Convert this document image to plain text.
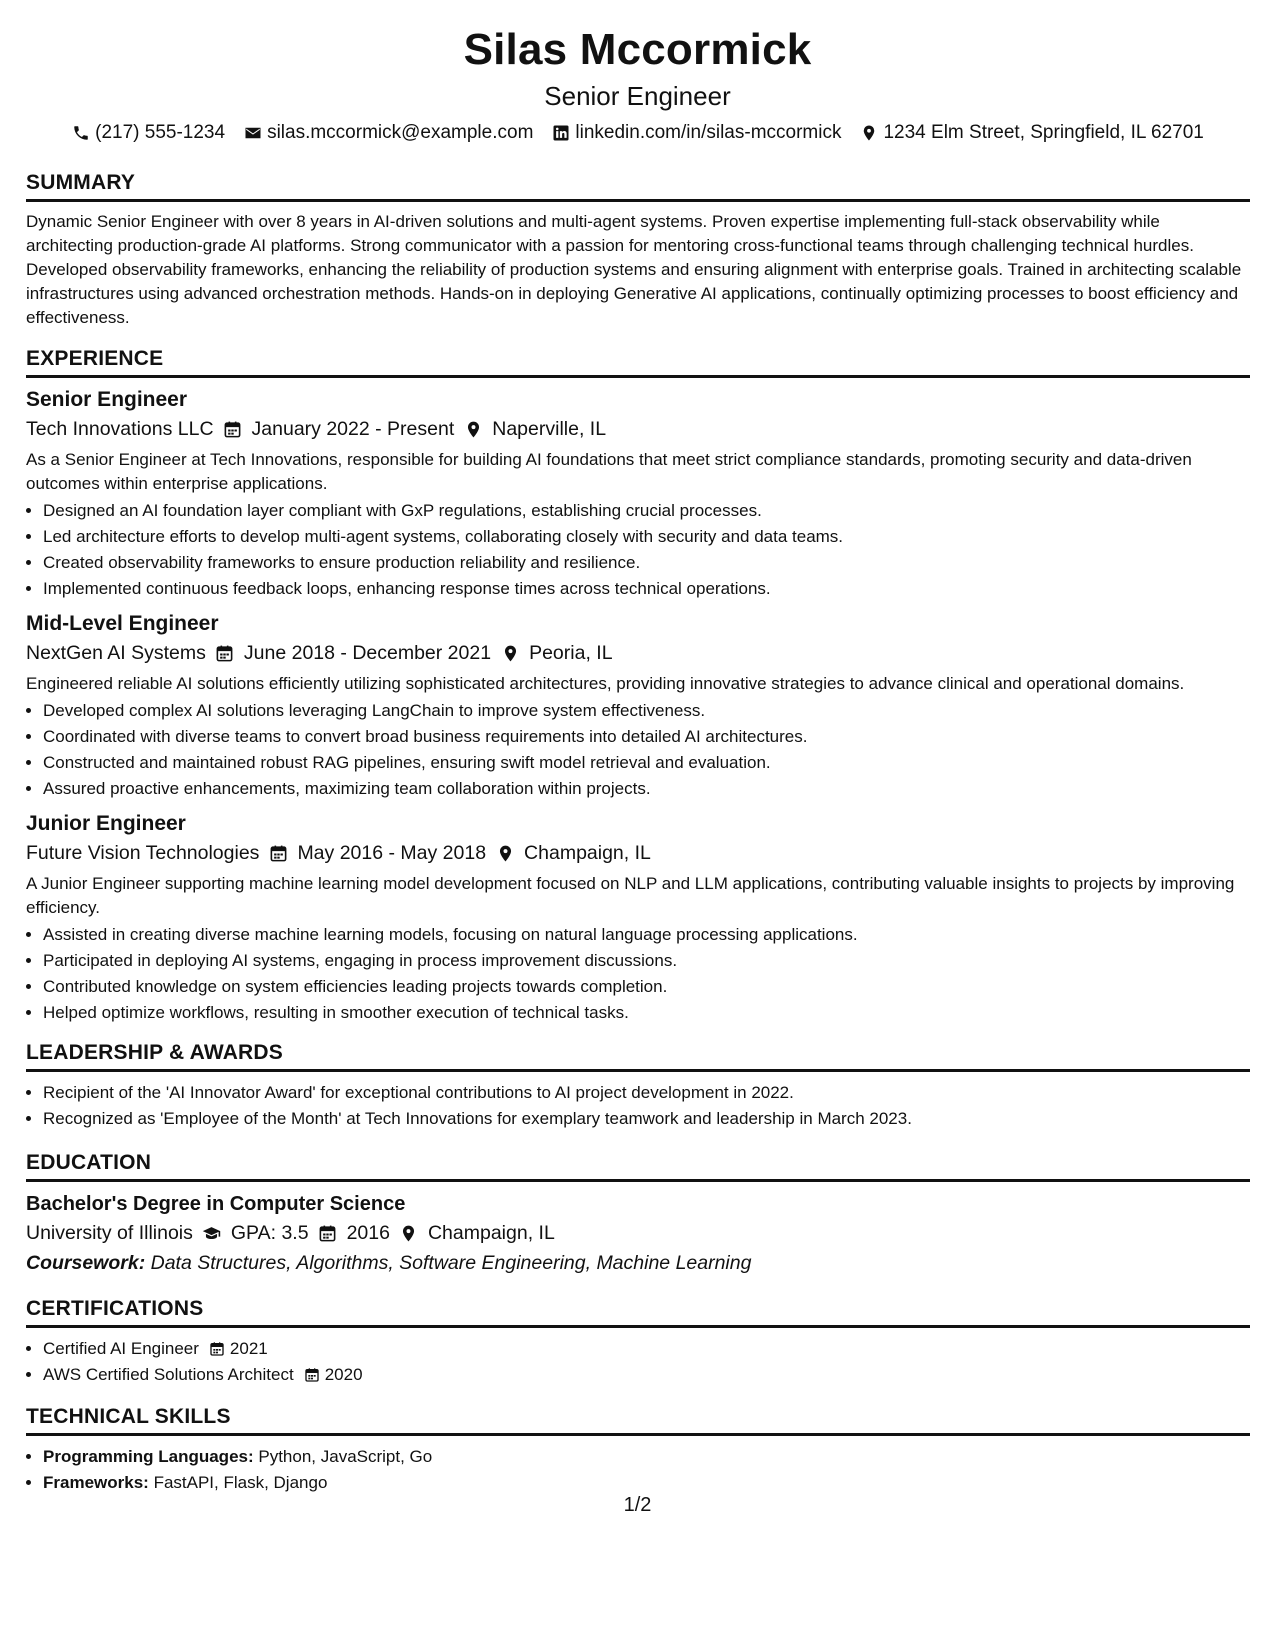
Silas Mccormick
Senior Engineer
(217) 555-1234 silas.mccormick@example.com linkedin.com/in/silas-mccormick 1234 Elm Street, Springfield, IL 62701
SUMMARY
Dynamic Senior Engineer with over 8 years in AI-driven solutions and multi-agent systems. Proven expertise implementing full-stack observability while architecting production-grade AI platforms. Strong communicator with a passion for mentoring cross-functional teams through challenging technical hurdles. Developed observability frameworks, enhancing the reliability of production systems and ensuring alignment with enterprise goals. Trained in architecting scalable infrastructures using advanced orchestration methods. Hands-on in deploying Generative AI applications, continually optimizing processes to boost efficiency and effectiveness.
EXPERIENCE
Senior Engineer
Tech Innovations LLC January 2022 - Present Naperville, IL
As a Senior Engineer at Tech Innovations, responsible for building AI foundations that meet strict compliance standards, promoting security and data-driven outcomes within enterprise applications.
• Designed an AI foundation layer compliant with GxP regulations, establishing crucial processes.
• Led architecture efforts to develop multi-agent systems, collaborating closely with security and data teams.
• Created observability frameworks to ensure production reliability and resilience.
• Implemented continuous feedback loops, enhancing response times across technical operations.
Mid-Level Engineer
NextGen AI Systems June 2018 - December 2021 Peoria, IL
Engineered reliable AI solutions efficiently utilizing sophisticated architectures, providing innovative strategies to advance clinical and operational domains.
• Developed complex AI solutions leveraging LangChain to improve system effectiveness.
• Coordinated with diverse teams to convert broad business requirements into detailed AI architectures.
• Constructed and maintained robust RAG pipelines, ensuring swift model retrieval and evaluation.
• Assured proactive enhancements, maximizing team collaboration within projects.
Junior Engineer
Future Vision Technologies May 2016 - May 2018 Champaign, IL
A Junior Engineer supporting machine learning model development focused on NLP and LLM applications, contributing valuable insights to projects by improving efficiency.
• Assisted in creating diverse machine learning models, focusing on natural language processing applications.
• Participated in deploying AI systems, engaging in process improvement discussions.
• Contributed knowledge on system efficiencies leading projects towards completion.
• Helped optimize workflows, resulting in smoother execution of technical tasks.
LEADERSHIP & AWARDS
• Recipient of the 'AI Innovator Award' for exceptional contributions to AI project development in 2022.
• Recognized as 'Employee of the Month' at Tech Innovations for exemplary teamwork and leadership in March 2023.
EDUCATION
Bachelor's Degree in Computer Science
University of Illinois GPA: 3.5 2016 Champaign, IL
Coursework: Data Structures, Algorithms, Software Engineering, Machine Learning
CERTIFICATIONS
• Certified AI Engineer 2021
• AWS Certified Solutions Architect 2020
TECHNICAL SKILLS
• Programming Languages: Python, JavaScript, Go
• Frameworks: FastAPI, Flask, Django
1/2
